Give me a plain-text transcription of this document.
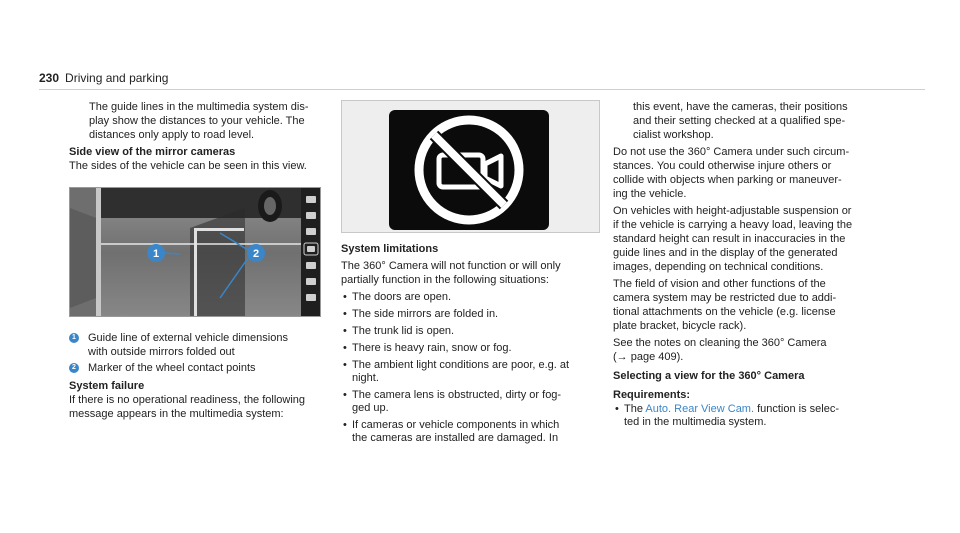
230 Driving and parking

The guide lines in the multimedia system dis-

play show the distances to your vehicle. The

distances only apply to road level.

Side view of the mirror cameras

The sides of the vehicle can be seen in this view.

1	2
1 Guide line of external vehicle dimensions

with outside mirrors folded out

2 Marker of the wheel contact points

System failure

If there is no operational readiness, the following

message appears in the multimedia system:

System limitations

The 360° Camera will not function or will only

partially function in the following situations:

• The doors are open.
• The side mirrors are folded in.
• The trunk lid is open.
• There is heavy rain, snow or fog.
• The ambient light conditions are poor, e.g. at
night.
• The camera lens is obstructed, dirty or fog-
ged up.
• If cameras or vehicle components in which
the cameras are installed are damaged. In

this event, have the cameras, their positions

and their setting checked at a qualified spe-

cialist workshop.

Do not use the 360° Camera under such circum-

stances. You could otherwise injure others or

collide with objects when parking or maneuver-

ing the vehicle.

On vehicles with height-adjustable suspension or

if the vehicle is carrying a heavy load, leaving the

standard height can result in inaccuracies in the

guide lines and in the display of the generated

images, depending on technical conditions.

The field of vision and other functions of the

camera system may be restricted due to addi-

tional attachments on the vehicle (e.g. license

plate bracket, bicycle rack).

See the notes on cleaning the 360° Camera

(→ page 409).

Selecting a view for the 360° Camera

Requirements:

• The Auto. Rear View Cam. function is selec-
ted in the multimedia system.
